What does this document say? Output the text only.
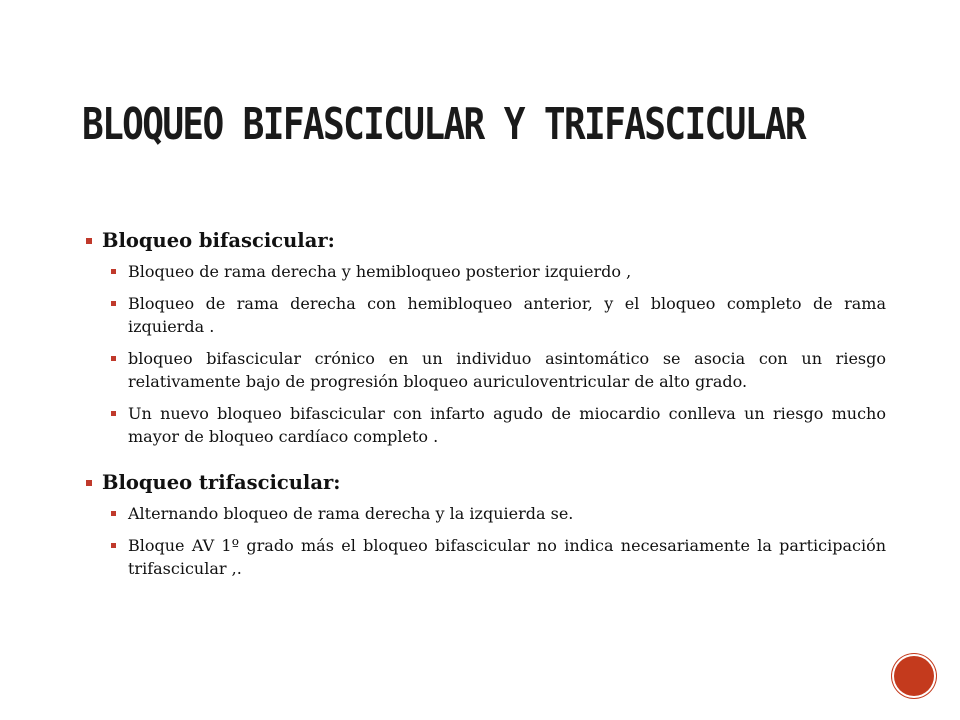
BLOQUEO BIFASCICULAR Y TRIFASCICULAR
Bloqueo bifascicular:
Bloqueo de rama derecha y hemibloqueo posterior izquierdo ,
Bloqueo de rama derecha con hemibloqueo anterior, y el bloqueo completo de rama izquierda .
bloqueo bifascicular crónico en un individuo asintomático se asocia con un riesgo relativamente bajo de progresión bloqueo auriculoventricular de alto grado.
Un nuevo bloqueo bifascicular con infarto agudo de miocardio conlleva un riesgo mucho mayor de bloqueo cardíaco completo .
Bloqueo trifascicular:
Alternando bloqueo de rama derecha y la izquierda se.
Bloque AV 1º grado más el bloqueo bifascicular no indica necesariamente la participación trifascicular ,.
